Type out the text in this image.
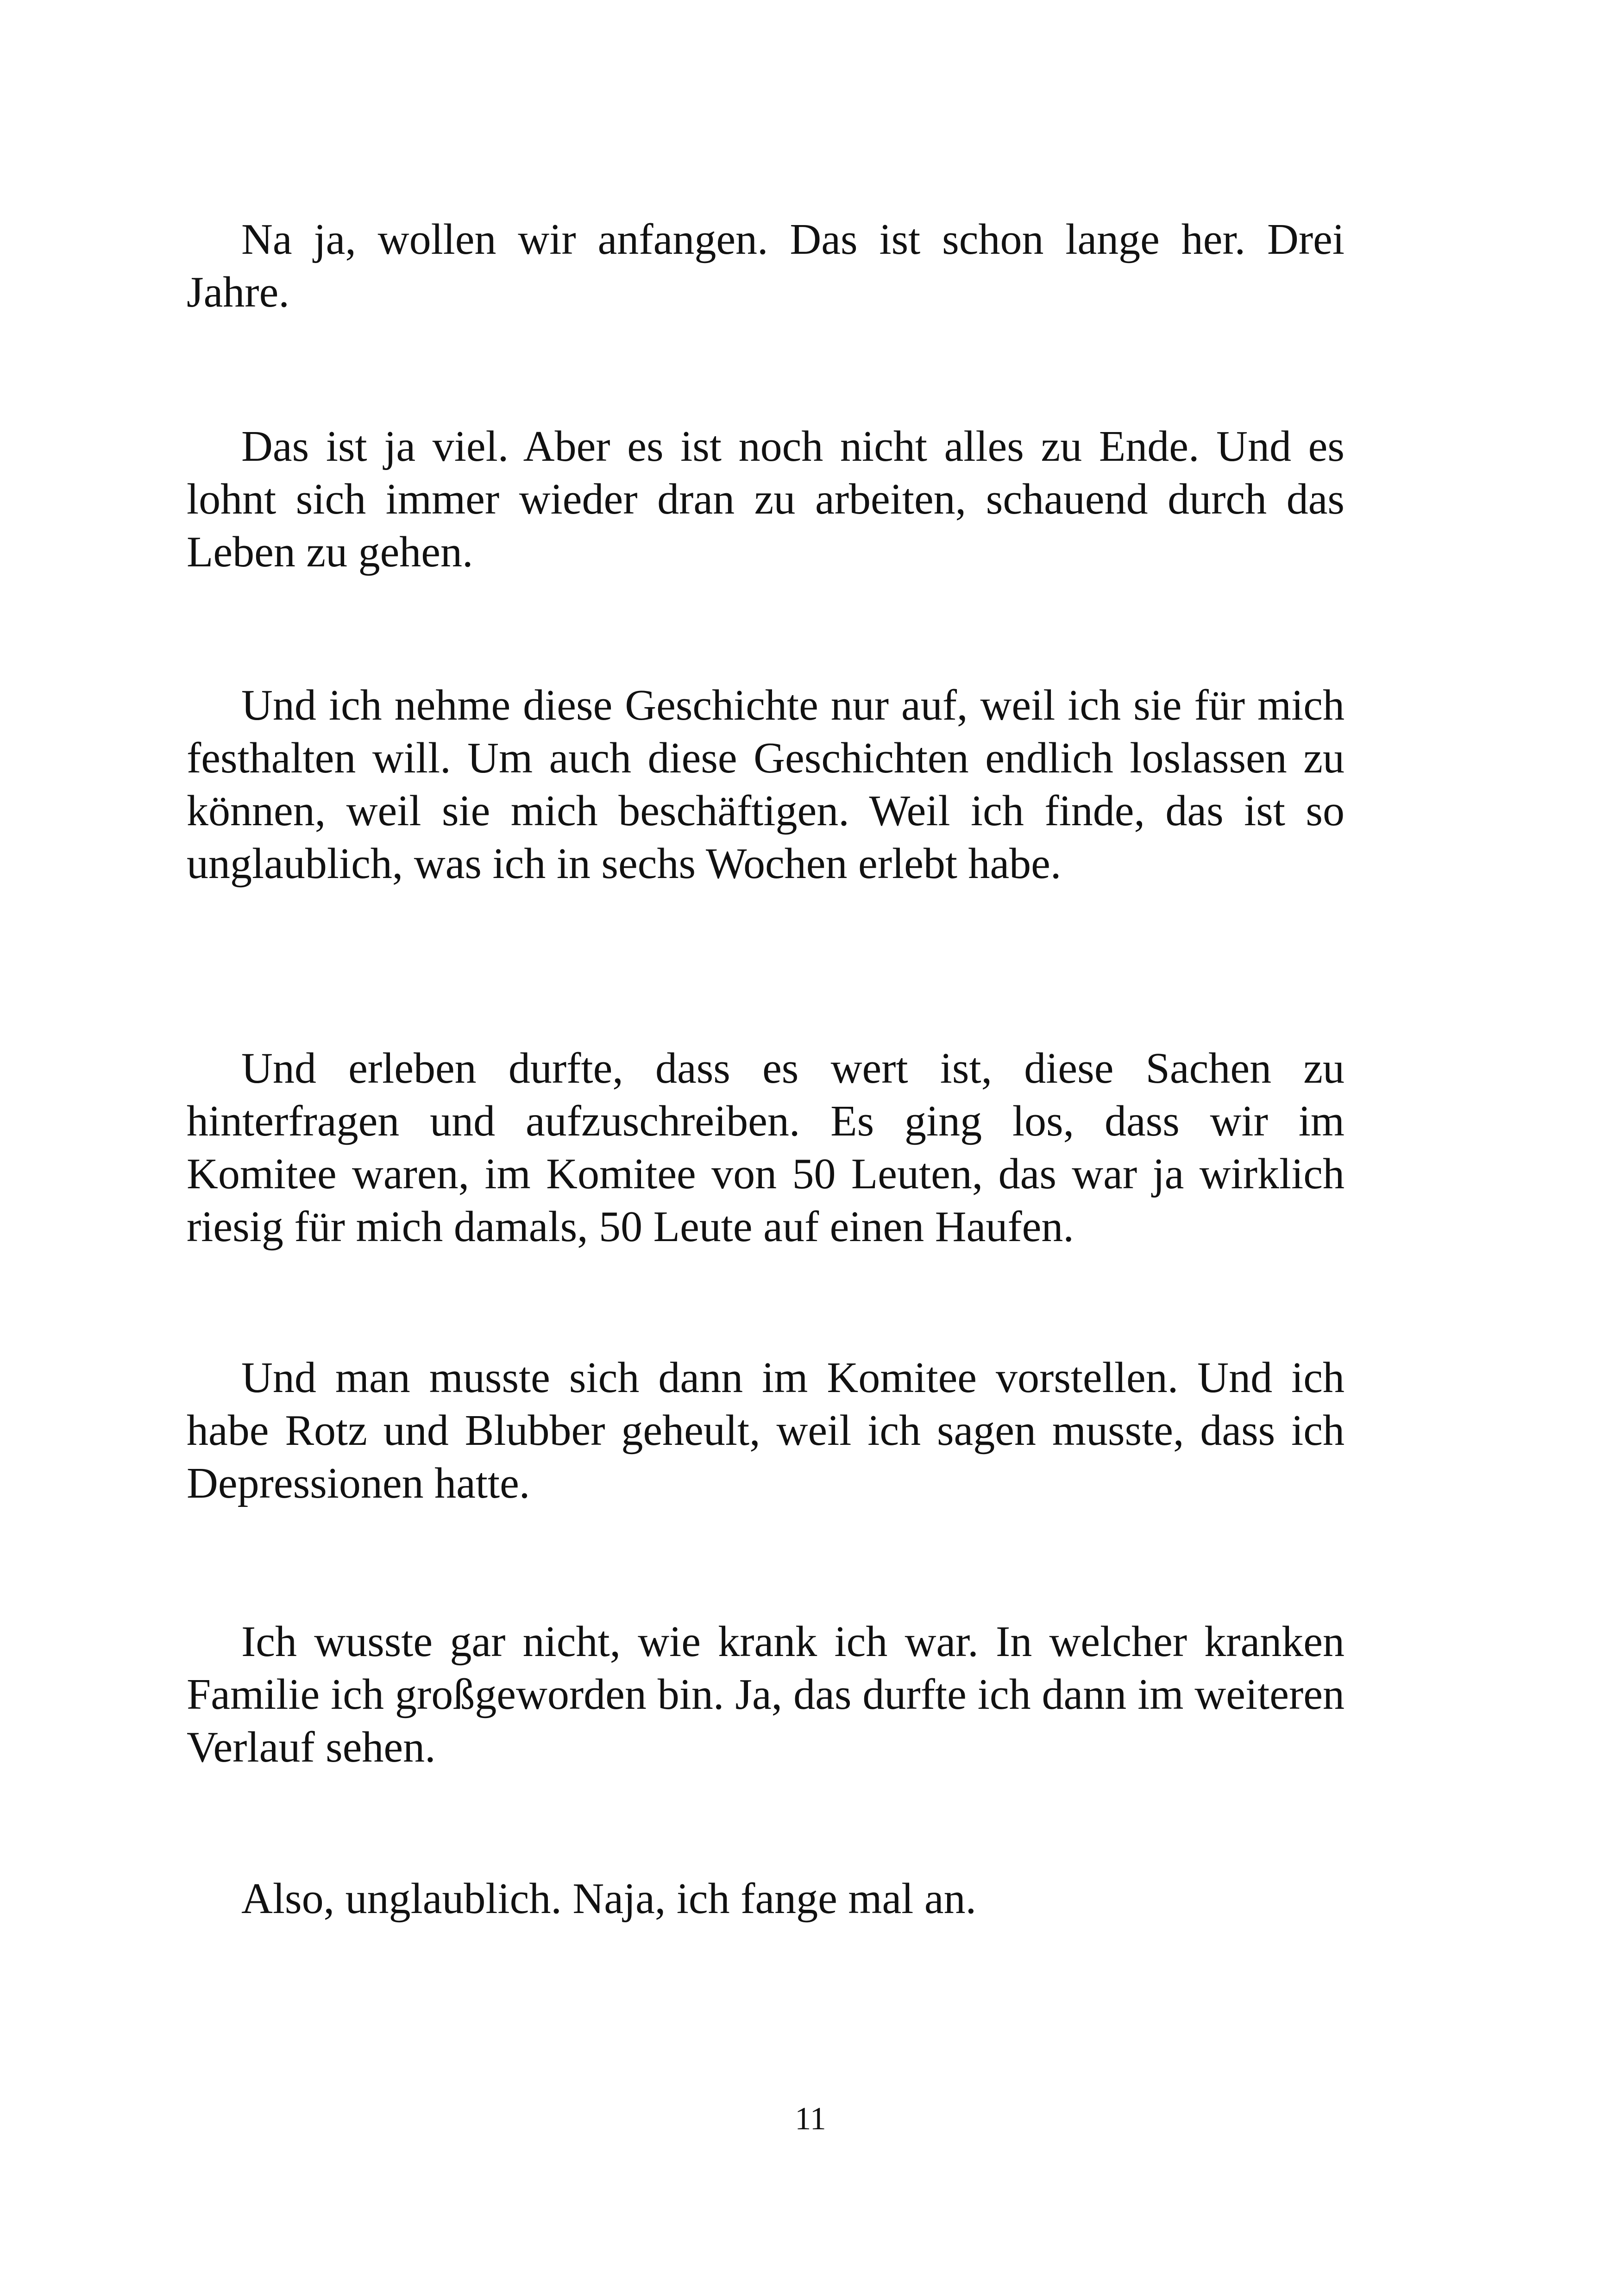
Na ja, wollen wir anfangen. Das ist schon lange her. Drei Jahre.

Das ist ja viel. Aber es ist noch nicht alles zu Ende. Und es lohnt sich immer wieder dran zu arbeiten, schauend durch das Leben zu gehen.

Und ich nehme diese Geschichte nur auf, weil ich sie für mich festhalten will. Um auch diese Geschichten endlich loslassen zu können, weil sie mich beschäftigen. Weil ich finde, das ist so unglaublich, was ich in sechs Wochen erlebt habe.

Und erleben durfte, dass es wert ist, diese Sachen zu hinterfragen und aufzuschreiben. Es ging los, dass wir im Komitee waren, im Komitee von 50 Leuten, das war ja wirklich riesig für mich damals, 50 Leute auf einen Haufen.

Und man musste sich dann im Komitee vorstellen. Und ich habe Rotz und Blubber geheult, weil ich sagen musste, dass ich Depressionen hatte.

Ich wusste gar nicht, wie krank ich war. In welcher kranken Familie ich großgeworden bin. Ja, das durfte ich dann im weiteren Verlauf sehen.

Also, unglaublich. Naja, ich fange mal an.

11
